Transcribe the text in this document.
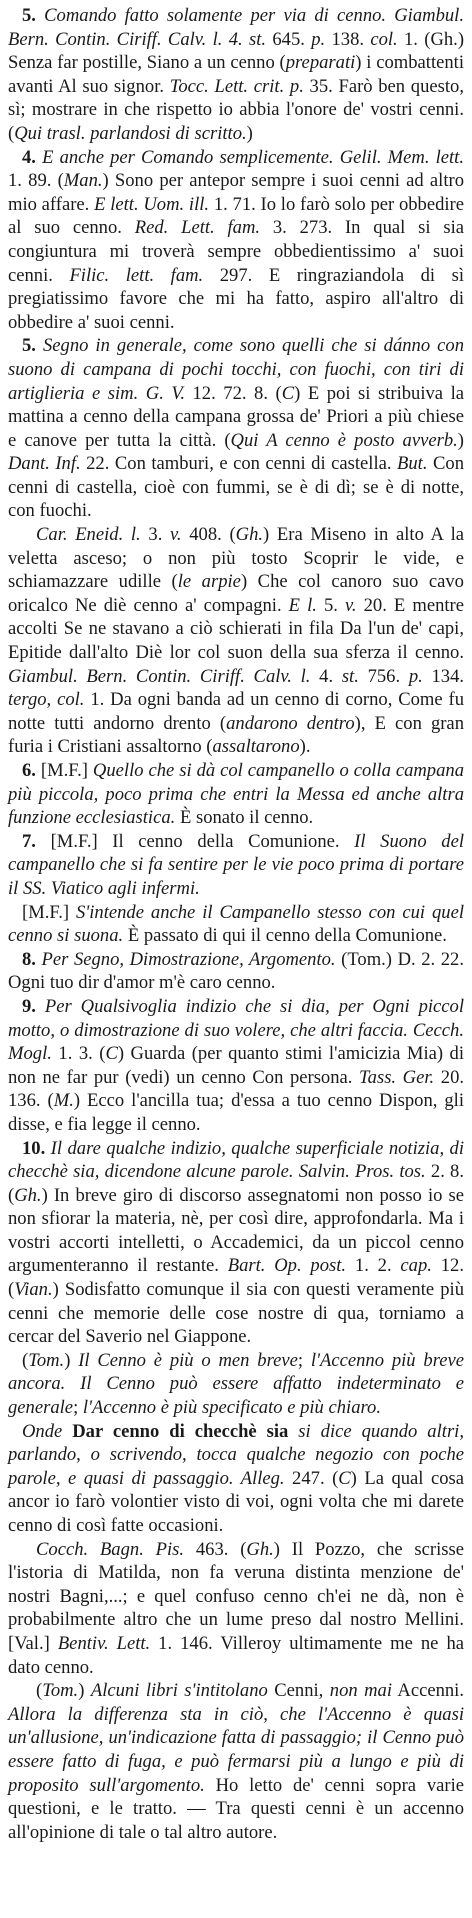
5. Comando fatto solamente per via di cenno. Giambul. Bern. Contin. Ciriff. Calv. l. 4. st. 645. p. 138. col. 1. (Gh.) Senza far postille, Siano a un cenno (preparati) i combattenti avanti Al suo signor. Tocc. Lett. crit. p. 35. Farò ben questo, sì; mostrare in che rispetto io abbia l'onore de' vostri cenni. (Qui trasl. parlandosi di scritto.)

4. E anche per Comando semplicemente. Gelil. Mem. lett. 1. 89. (Man.) Sono per antepor sempre i suoi cenni ad altro mio affare. E lett. Uom. ill. 1. 71. Io lo farò solo per obbedire al suo cenno. Red. Lett. fam. 3. 273. In qual si sia congiuntura mi troverà sempre obbedientissimo a' suoi cenni. Filic. lett. fam. 297. E ringraziandola di sì pregiatissimo favore che mi ha fatto, aspiro all'altro di obbedire a' suoi cenni.

5. Segno in generale, come sono quelli che si dánno con suono di campana di pochi tocchi, con fuochi, con tiri di artiglieria e sim. G. V. 12. 72. 8. (C) E poi si stribuiva la mattina a cenno della campana grossa de' Priori a più chiese e canove per tutta la città. (Qui A cenno è posto avverb.) Dant. Inf. 22. Con tamburi, e con cenni di castella. But. Con cenni di castella, cioè con fummi, se è di dì; se è di notte, con fuochi.

Car. Eneid. l. 3. v. 408. (Gh.) Era Miseno in alto A la veletta asceso; o non più tosto Scoprir le vide, e schiamazzare udille (le arpie) Che col canoro suo cavo oricalco Ne diè cenno a' compagni. E l. 5. v. 20. E mentre accolti Se ne stavano a ciò schierati in fila Da l'un de' capi, Epitide dall'alto Diè lor col suon della sua sferza il cenno. Giambul. Bern. Contin. Ciriff. Calv. l. 4. st. 756. p. 134. tergo, col. 1. Da ogni banda ad un cenno di corno, Come fu notte tutti andorno drento (andarono dentro), E con gran furia i Cristiani assaltorno (assaltarono).

6. [M.F.] Quello che si dà col campanello o colla campana più piccola, poco prima che entri la Messa ed anche altra funzione ecclesiastica. È sonato il cenno.

7. [M.F.] Il cenno della Comunione. Il Suono del campanello che si fa sentire per le vie poco prima di portare il SS. Viatico agli infermi.

[M.F.] S'intende anche il Campanello stesso con cui quel cenno si suona. È passato di qui il cenno della Comunione.

8. Per Segno, Dimostrazione, Argomento. (Tom.) D. 2. 22. Ogni tuo dir d'amor m'è caro cenno.

9. Per Qualsivoglia indizio che si dia, per Ogni piccol motto, o dimostrazione di suo volere, che altri faccia. Cecch. Mogl. 1. 3. (C) Guarda (per quanto stimi l'amicizia Mia) di non ne far pur (vedi) un cenno Con persona. Tass. Ger. 20. 136. (M.) Ecco l'ancilla tua; d'essa a tuo cenno Dispon, gli disse, e fia legge il cenno.

10. Il dare qualche indizio, qualche superficiale notizia, di checchè sia, dicendone alcune parole. Salvin. Pros. tos. 2. 8. (Gh.) In breve giro di discorso assegnatomi non posso io se non sfiorar la materia, nè, per così dire, approfondarla. Ma i vostri accorti intelletti, o Accademici, da un piccol cenno argumenteranno il restante. Bart. Op. post. 1. 2. cap. 12. (Vian.) Sodisfatto comunque il sia con questi veramente più cenni che memorie delle cose nostre di qua, torniamo a cercar del Saverio nel Giappone.

(Tom.) Il Cenno è più o men breve; l'Accenno più breve ancora. Il Cenno può essere affatto indeterminato e generale; l'Accenno è più specificato e più chiaro.

Onde Dar cenno di checchè sia si dice quando altri, parlando, o scrivendo, tocca qualche negozio con poche parole, e quasi di passaggio. Alleg. 247. (C) La qual cosa ancor io farò volontier visto di voi, ogni volta che mi darete cenno di così fatte occasioni.

Cocch. Bagn. Pis. 463. (Gh.) Il Pozzo, che scrisse l'istoria di Matilda, non fa veruna distinta menzione de' nostri Bagni,...; e quel confuso cenno ch'ei ne dà, non è probabilmente altro che un lume preso dal nostro Mellini. [Val.] Bentiv. Lett. 1. 146. Villeroy ultimamente me ne ha dato cenno.

(Tom.) Alcuni libri s'intitolano Cenni, non mai Accenni. Allora la differenza sta in ciò, che l'Accenno è quasi un'allusione, un'indicazione fatta di passaggio; il Cenno può essere fatto di fuga, e può fermarsi più a lungo e più di proposito sull'argomento. Ho letto de' cenni sopra varie questioni, e le tratto. — Tra questi cenni è un accenno all'opinione di tale o tal altro autore.
